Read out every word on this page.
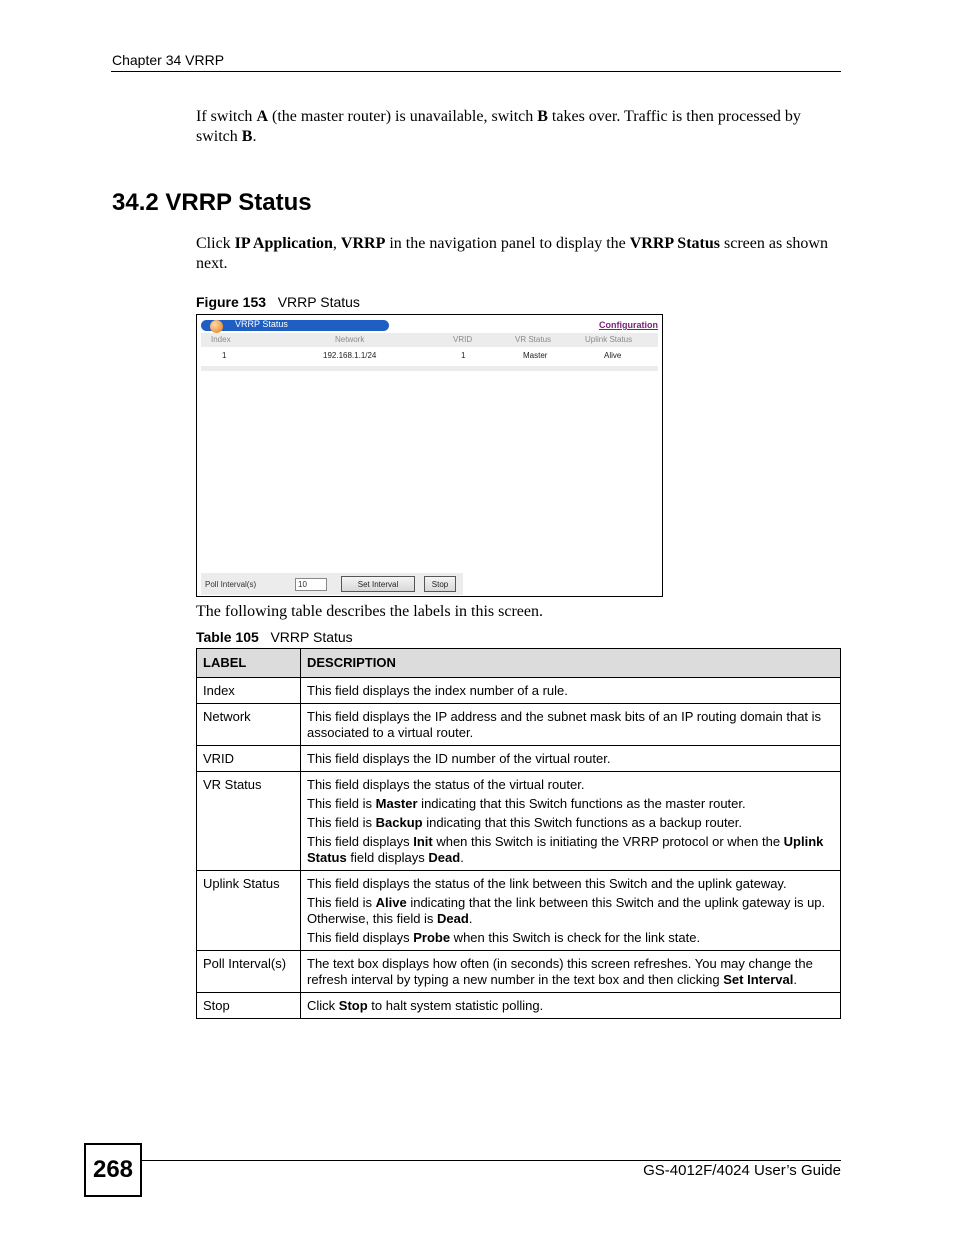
Chapter 34 VRRP
If switch A (the master router) is unavailable, switch B takes over. Traffic is then processed by switch B.
34.2 VRRP Status
Click IP Application, VRRP in the navigation panel to display the VRRP Status screen as shown next.
Figure 153 VRRP Status
VRRP Status	Configuration
Index	Network	VRID	VR Status	Uplink Status
1	192.168.1.1/24	1	Master	Alive
Poll Interval(s)	10	Set Interval	Stop
The following table describes the labels in this screen.
Table 105 VRRP Status
LABEL	DESCRIPTION
Index	This field displays the index number of a rule.
Network	This field displays the IP address and the subnet mask bits of an IP routing domain that is associated to a virtual router.
VRID	This field displays the ID number of the virtual router.
VR Status	This field displays the status of the virtual router.

This field is Master indicating that this Switch functions as the master router.

This field is Backup indicating that this Switch functions as a backup router.

This field displays Init when this Switch is initiating the VRRP protocol or when the Uplink Status field displays Dead.

Uplink Status	This field displays the status of the link between this Switch and the uplink gateway.

This field is Alive indicating that the link between this Switch and the uplink gateway is up. Otherwise, this field is Dead.

This field displays Probe when this Switch is check for the link state.

Poll Interval(s)	The text box displays how often (in seconds) this screen refreshes. You may change the refresh interval by typing a new number in the text box and then clicking Set Interval.
Stop	Click Stop to halt system statistic polling.
268	GS-4012F/4024 User’s Guide
